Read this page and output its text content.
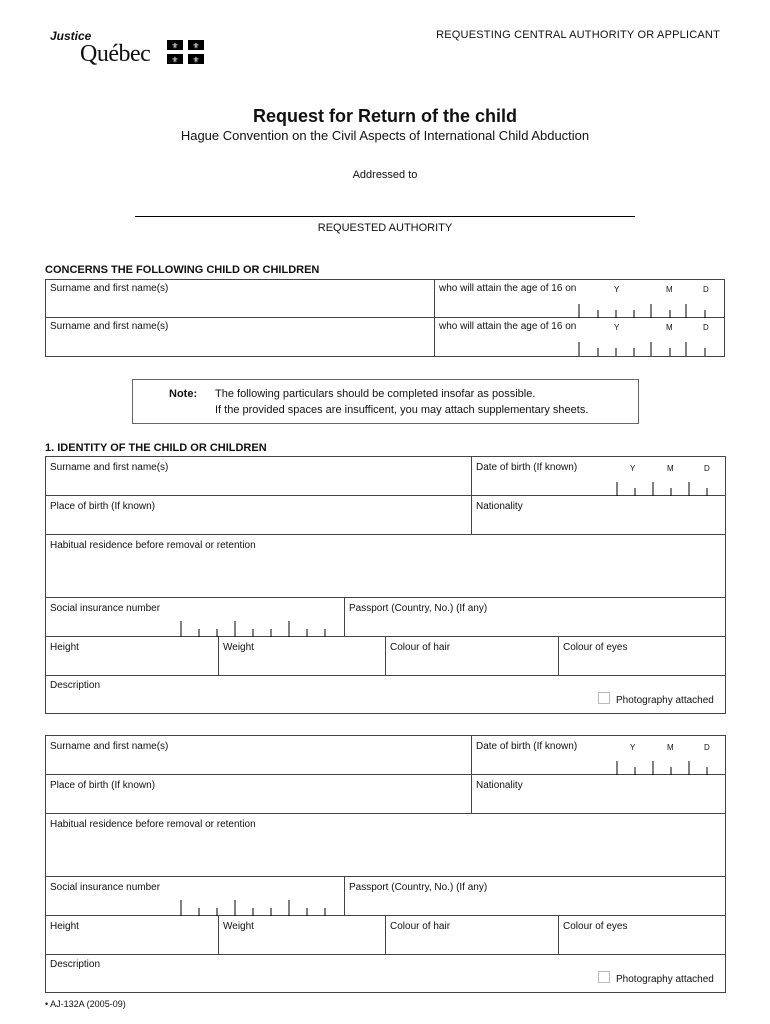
Justice
Québec	⚜ ⚜
⚜ ⚜
REQUESTING CENTRAL AUTHORITY OR APPLICANT
Request for Return of the child
Hague Convention on the Civil Aspects of International Child Abduction
Addressed to
REQUESTED AUTHORITY
CONCERNS THE FOLLOWING CHILD OR CHILDREN
Surname and first name(s)	who will attain the age of 16 on	Y	M	D
Surname and first name(s)	who will attain the age of 16 on	Y	M	D
Note: The following particulars should be completed insofar as possible.
If the provided spaces are insufficent, you may attach supplementary sheets.
1. IDENTITY OF THE CHILD OR CHILDREN
Surname and first name(s)	Date of birth (If known)	Y	M	D
Place of birth (If known)	Nationality
Habitual residence before removal or retention
Social insurance number	Passport (Country, No.) (If any)
Height	Weight	Colour of hair	Colour of eyes
Description
Photography attached
Surname and first name(s)	Date of birth (If known)	Y	M	D
Place of birth (If known)	Nationality
Habitual residence before removal or retention
Social insurance number	Passport (Country, No.) (If any)
Height	Weight	Colour of hair	Colour of eyes
Description
Photography attached
• AJ-132A (2005-09)
